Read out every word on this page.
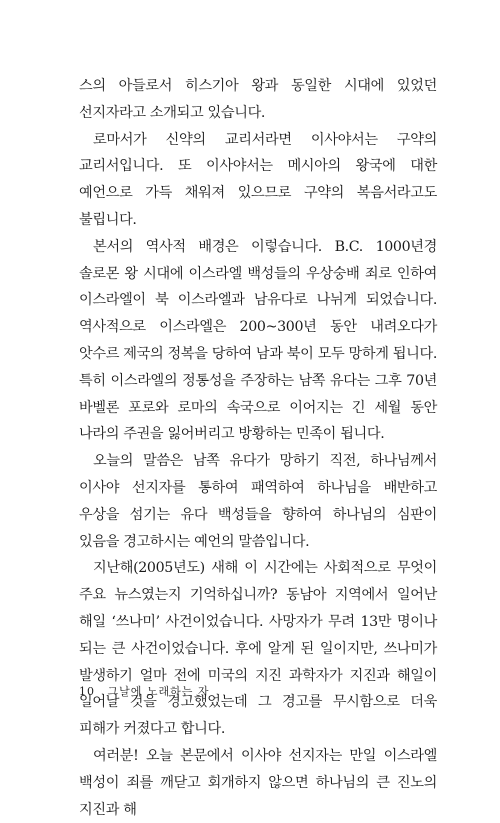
스의 아들로서 히스기아 왕과 동일한 시대에 있었던 선지자라고 소개되고 있습니다.

로마서가 신약의 교리서라면 이사야서는 구약의 교리서입니다. 또 이사야서는 메시아의 왕국에 대한 예언으로 가득 채워져 있으므로 구약의 복음서라고도 불립니다.

본서의 역사적 배경은 이렇습니다. B.C. 1000년경 솔로몬 왕 시대에 이스라엘 백성들의 우상숭배 죄로 인하여 이스라엘이 북 이스라엘과 남유다로 나뉘게 되었습니다. 역사적으로 이스라엘은 200~300년 동안 내려오다가 앗수르 제국의 정복을 당하여 남과 북이 모두 망하게 됩니다. 특히 이스라엘의 정통성을 주장하는 남쪽 유다는 그후 70년 바벨론 포로와 로마의 속국으로 이어지는 긴 세월 동안 나라의 주권을 잃어버리고 방황하는 민족이 됩니다.

오늘의 말씀은 남쪽 유다가 망하기 직전, 하나님께서 이사야 선지자를 통하여 패역하여 하나님을 배반하고 우상을 섬기는 유다 백성들을 향하여 하나님의 심판이 있음을 경고하시는 예언의 말씀입니다.

지난해(2005년도) 새해 이 시간에는 사회적으로 무엇이 주요 뉴스였는지 기억하십니까? 동남아 지역에서 일어난 해일 ‘쓰나미’ 사건이었습니다. 사망자가 무려 13만 명이나 되는 큰 사건이었습니다. 후에 알게 된 일이지만, 쓰나미가 발생하기 얼마 전에 미국의 지진 과학자가 지진과 해일이 일어날 것을 경고했었는데 그 경고를 무시함으로 더욱 피해가 커졌다고 합니다.

여러분! 오늘 본문에서 이사야 선지자는 만일 이스라엘 백성이 죄를 깨닫고 회개하지 않으면 하나님의 큰 진노의 지진과 해

10 그날에 노래하는 자
